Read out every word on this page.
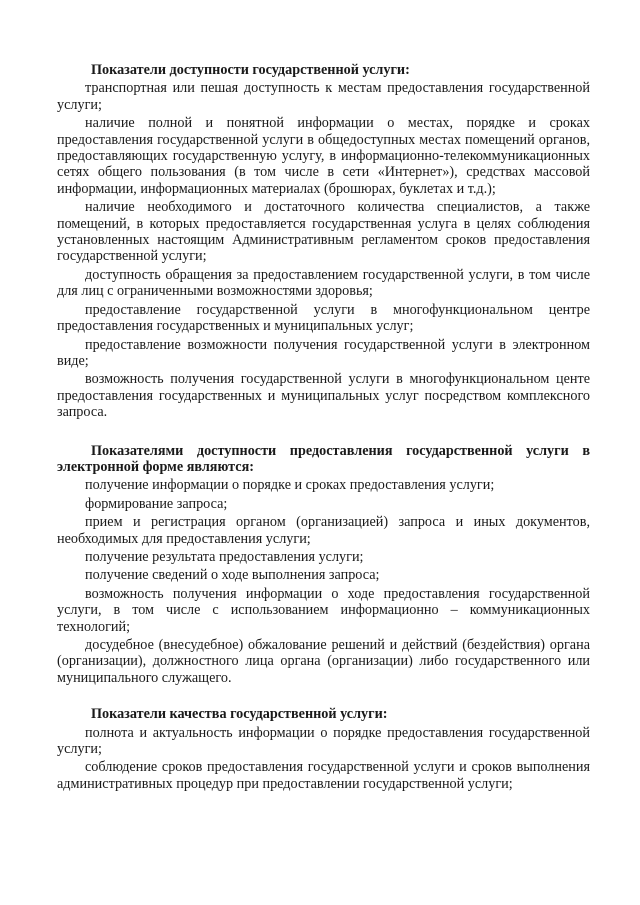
Показатели доступности государственной услуги:

транспортная или пешая доступность к местам предоставления государственной услуги;

наличие полной и понятной информации о местах, порядке и сроках предоставления государственной услуги в общедоступных местах помещений органов, предоставляющих государственную услугу, в информационно-телекоммуникационных сетях общего пользования (в том числе в сети «Интернет»), средствах массовой информации, информационных материалах (брошюрах, буклетах и т.д.);

наличие необходимого и достаточного количества специалистов, а также помещений, в которых предоставляется государственная услуга в целях соблюдения установленных настоящим Административным регламентом сроков предоставления государственной услуги;

доступность обращения за предоставлением государственной услуги, в том числе для лиц с ограниченными возможностями здоровья;

предоставление государственной услуги в многофункциональном центре предоставления государственных и муниципальных услуг;

предоставление возможности получения государственной услуги в электронном виде;

возможность получения государственной услуги в многофункциональном центе предоставления государственных и муниципальных услуг посредством комплексного запроса.

Показателями доступности предоставления государственной услуги в электронной форме являются:

получение информации о порядке и сроках предоставления услуги;

формирование запроса;

прием и регистрация органом (организацией) запроса и иных документов, необходимых для предоставления услуги;

получение результата предоставления услуги;

получение сведений о ходе выполнения запроса;

возможность получения информации о ходе предоставления государственной услуги, в том числе с использованием информационно – коммуникационных технологий;

досудебное (внесудебное) обжалование решений и действий (бездействия) органа (организации), должностного лица органа (организации) либо государственного или муниципального служащего.

Показатели качества государственной услуги:

полнота и актуальность информации о порядке предоставления государственной услуги;

соблюдение сроков предоставления государственной услуги и сроков выполнения административных процедур при предоставлении государственной услуги;
